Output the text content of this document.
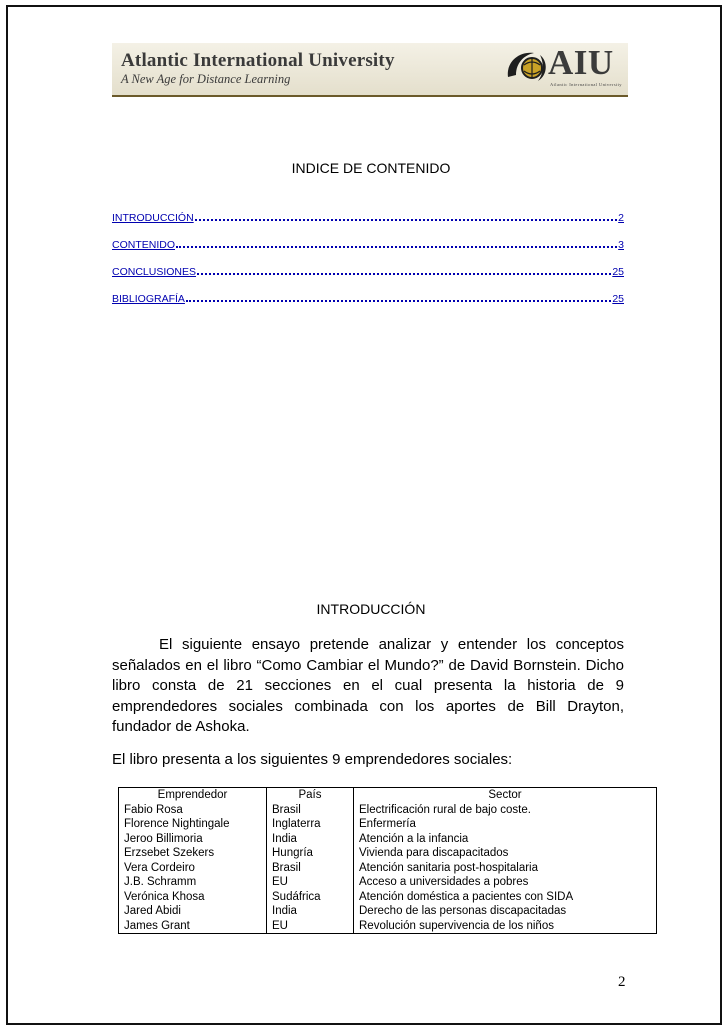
Atlantic International University
A New Age for Distance Learning	AIU
Atlantic International University
INDICE DE CONTENIDO
INTRODUCCIÓN	2
CONTENIDO	3
CONCLUSIONES	25
BIBLIOGRAFÍA	25
INTRODUCCIÓN
El siguiente ensayo pretende analizar y entender los conceptos señalados en el libro “Como Cambiar el Mundo?” de David Bornstein. Dicho libro consta de 21 secciones en el cual presenta la historia de 9 emprendedores sociales combinada con los aportes de Bill Drayton, fundador de Ashoka.
El libro presenta a los siguientes 9 emprendedores sociales:
Emprendedor	País	Sector
Fabio Rosa	Brasil	Electrificación rural de bajo coste.
Florence Nightingale	Inglaterra	Enfermería
Jeroo Billimoria	India	Atención a la infancia
Erzsebet Szekers	Hungría	Vivienda para discapacitados
Vera Cordeiro	Brasil	Atención sanitaria post-hospitalaria
J.B. Schramm	EU	Acceso a universidades a pobres
Verónica Khosa	Sudáfrica	Atención doméstica a pacientes con SIDA
Jared Abidi	India	Derecho de las personas discapacitadas
James Grant	EU	Revolución supervivencia de los niños
2
